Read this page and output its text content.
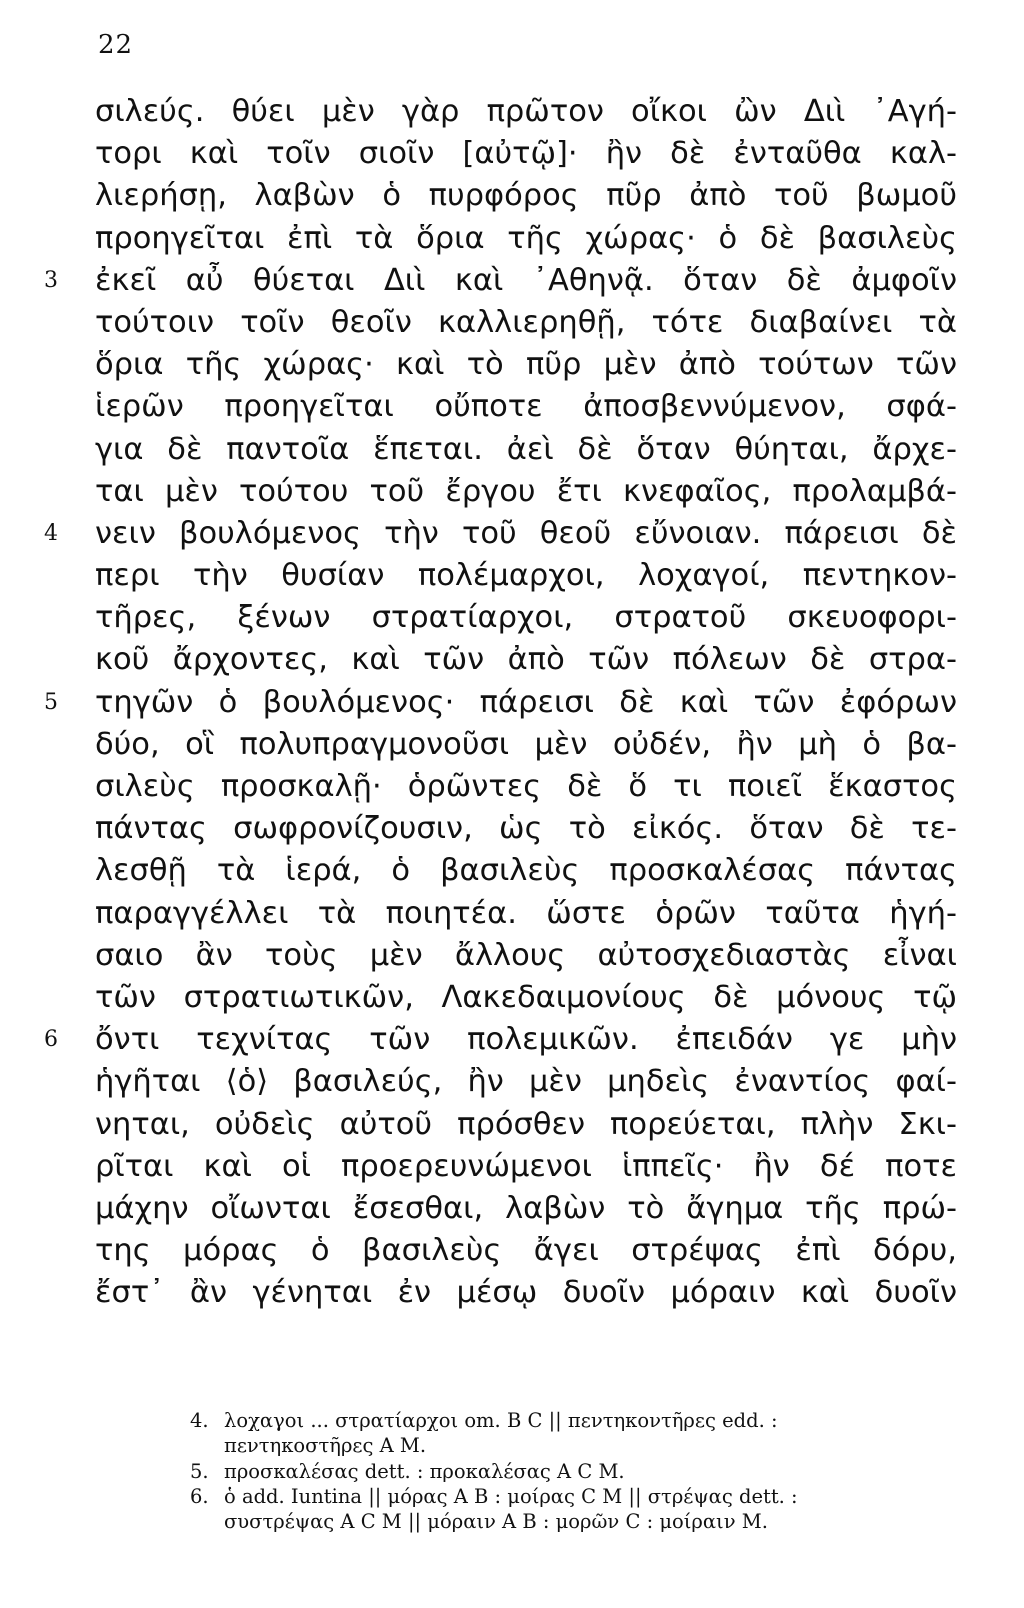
22
σιλεύς. θύει μὲν γὰρ πρῶτον οἴκοι ὢν Διὶ ᾿Αγή-
τορι καὶ τοῖν σιοῖν [αὐτῷ]· ἢν δὲ ἐνταῦθα καλ-
λιερήσῃ, λαβὼν ὁ πυρφόρος πῦρ ἀπὸ τοῦ βωμοῦ
προηγεῖται ἐπὶ τὰ ὅρια τῆς χώρας· ὁ δὲ βασιλεὺς
3 ἐκεῖ αὖ θύεται Διὶ καὶ ᾿Αθηνᾷ. ὅταν δὲ ἀμφοῖν
τούτοιν τοῖν θεοῖν καλλιερηθῇ, τότε διαβαίνει τὰ
ὅρια τῆς χώρας· καὶ τὸ πῦρ μὲν ἀπὸ τούτων τῶν
ἱερῶν προηγεῖται οὔποτε ἀποσβεννύμενον, σφά-
για δὲ παντοῖα ἕπεται. ἀεὶ δὲ ὅταν θύηται, ἄρχε-
ται μὲν τούτου τοῦ ἔργου ἔτι κνεφαῖος, προλαμβά-
4 νειν βουλόμενος τὴν τοῦ θεοῦ εὔνοιαν. πάρεισι δὲ
περι τὴν θυσίαν πολέμαρχοι, λοχαγοί, πεντηκον-
τῆρες, ξένων στρατίαρχοι, στρατοῦ σκευοφορι-
κοῦ ἄρχοντες, καὶ τῶν ἀπὸ τῶν πόλεων δὲ στρα-
5 τηγῶν ὁ βουλόμενος· πάρεισι δὲ καὶ τῶν ἐφόρων
δύο, οἳ πολυπραγμονοῦσι μὲν οὐδέν, ἢν μὴ ὁ βα-
σιλεὺς προσκαλῇ· ὁρῶντες δὲ ὅ τι ποιεῖ ἕκαστος
πάντας σωφρονίζουσιν, ὡς τὸ εἰκός. ὅταν δὲ τε-
λεσθῇ τὰ ἱερά, ὁ βασιλεὺς προσκαλέσας πάντας
παραγγέλλει τὰ ποιητέα. ὥστε ὁρῶν ταῦτα ἡγή-
σαιο ἂν τοὺς μὲν ἄλλους αὐτοσχεδιαστὰς εἶναι
τῶν στρατιωτικῶν, Λακεδαιμονίους δὲ μόνους τῷ
6 ὄντι τεχνίτας τῶν πολεμικῶν. ἐπειδάν γε μὴν
ἡγῆται ⟨ὁ⟩ βασιλεύς, ἢν μὲν μηδεὶς ἐναντίος φαί-
νηται, οὐδεὶς αὐτοῦ πρόσθεν πορεύεται, πλὴν Σκι-
ρῖται καὶ οἱ προερευνώμενοι ἱππεῖς· ἢν δέ ποτε
μάχην οἴωνται ἔσεσθαι, λαβὼν τὸ ἄγημα τῆς πρώ-
της μόρας ὁ βασιλεὺς ἄγει στρέψας ἐπὶ δόρυ,
ἔστ᾿ ἂν γένηται ἐν μέσῳ δυοῖν μόραιν καὶ δυοῖν
4. λοχαγοι ... στρατίαρχοι om. B C || πεντηκοντῆρες edd. :
πεντηκοστῆρες A M.
5. προσκαλέσας dett. : προκαλέσας A C M.
6. ὁ add. Iuntina || μόρας A B : μοίρας C M || στρέψας dett. :
συστρέψας A C M || μόραιν A B : μορῶν C : μοίραιν M.
